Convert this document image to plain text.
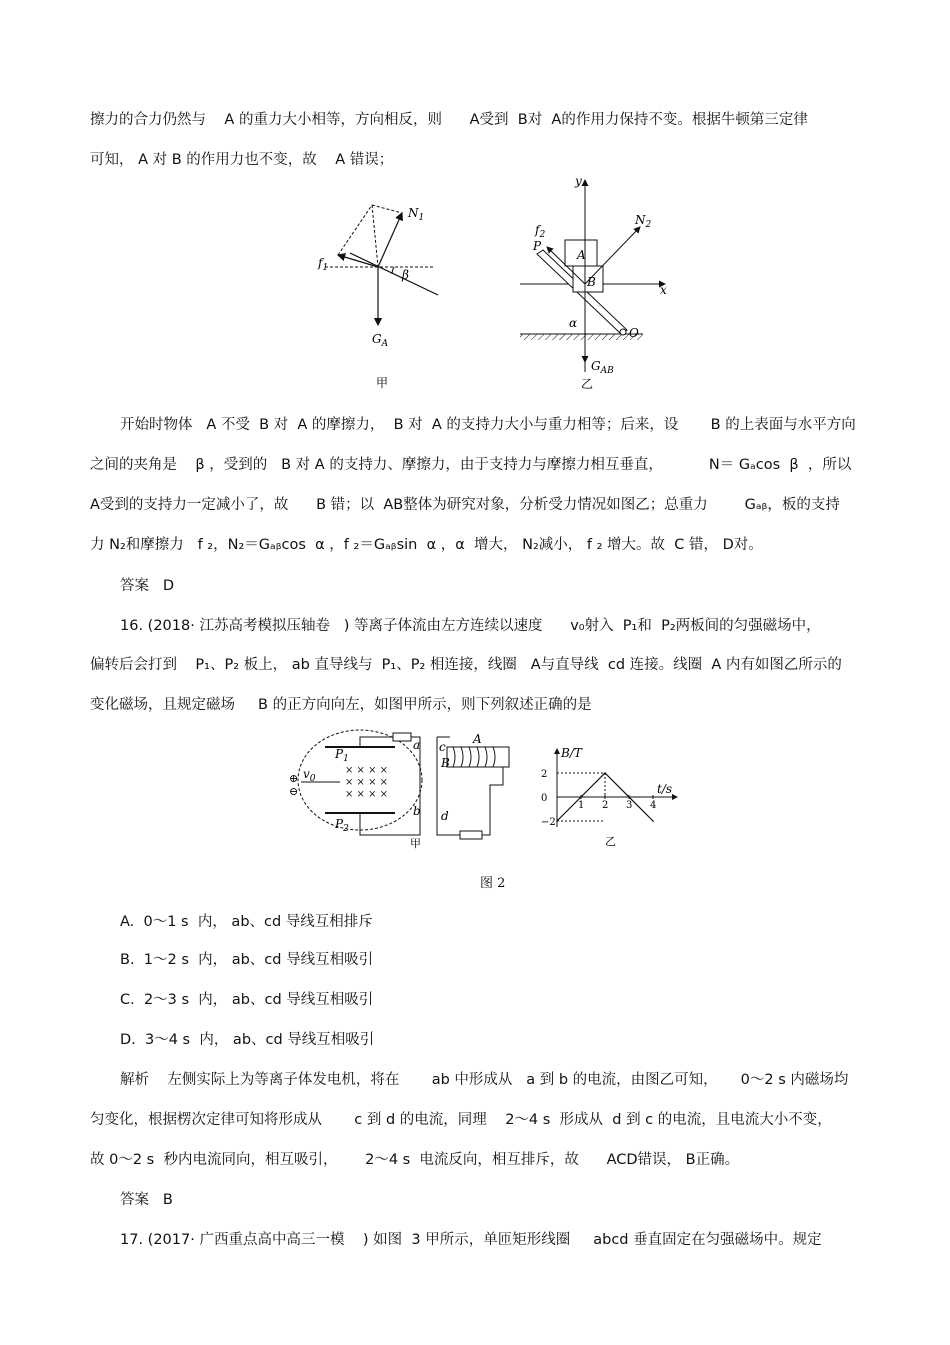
擦力的合力仍然与    A 的重力大小相等，方向相反，则      A受到  B对  A的作用力保持不变。根据牛顿第三定律
可知， A 对 B 的作用力也不变，故    A 错误；
$N_1$
$f_1$	β
$G_A$
甲
y
x
$N_2$
$f_2$
P
A
B
O
α
$G_{AB}$
乙
开始时物体   A 不受  B 对  A 的摩擦力，  B 对  A 的支持力大小与重力相等；后来，设       B 的上表面与水平方向
之间的夹角是    β ，受到的   B 对 A 的支持力、摩擦力，由于支持力与摩擦力相互垂直，          N＝ Gₐcos  β  ，所以
A受到的支持力一定减小了，故      B 错；以  AB整体为研究对象，分析受力情况如图乙；总重力        Gₐᵦ，板的支持
力 N₂和摩擦力   f ₂，N₂＝Gₐᵦcos  α ，f ₂＝Gₐᵦsin  α ，α  增大， N₂减小， f ₂ 增大。故  C 错， D对。
答案   D
16. (2018· 江苏高考模拟压轴卷   ) 等离子体流由左方连续以速度      v₀射入  P₁和  P₂两板间的匀强磁场中，
偏转后会打到    P₁、P₂ 板上， ab 直导线与  P₁、P₂ 相连接，线圈   A与直导线  cd 连接。线圈  A 内有如图乙所示的
变化磁场，且规定磁场     B 的正方向向左，如图甲所示，则下列叙述正确的是
$P_1$
$P_2$
× × × ×
× × × ×
× × × ×
⊕
⊖
$v_0$
a
b
c
B
d
A
甲
B/T
t/s
2
0
−2
1 2 3 4
乙
图 2
A.  0～1 s  内， ab、cd 导线互相排斥
B.  1～2 s  内， ab、cd 导线互相吸引
C.  2～3 s  内， ab、cd 导线互相吸引
D.  3～4 s  内， ab、cd 导线互相吸引
解析    左侧实际上为等离子体发电机，将在       ab 中形成从   a 到 b 的电流，由图乙可知，     0～2 s 内磁场均
匀变化，根据楞次定律可知将形成从       c 到 d 的电流，同理    2～4 s  形成从  d 到 c 的电流，且电流大小不变，
故 0～2 s  秒内电流同向，相互吸引，      2～4 s  电流反向，相互排斥，故      ACD错误， B正确。
答案   B
17. (2017· 广西重点高中高三一模    ) 如图  3 甲所示，单匝矩形线圈     abcd 垂直固定在匀强磁场中。规定
